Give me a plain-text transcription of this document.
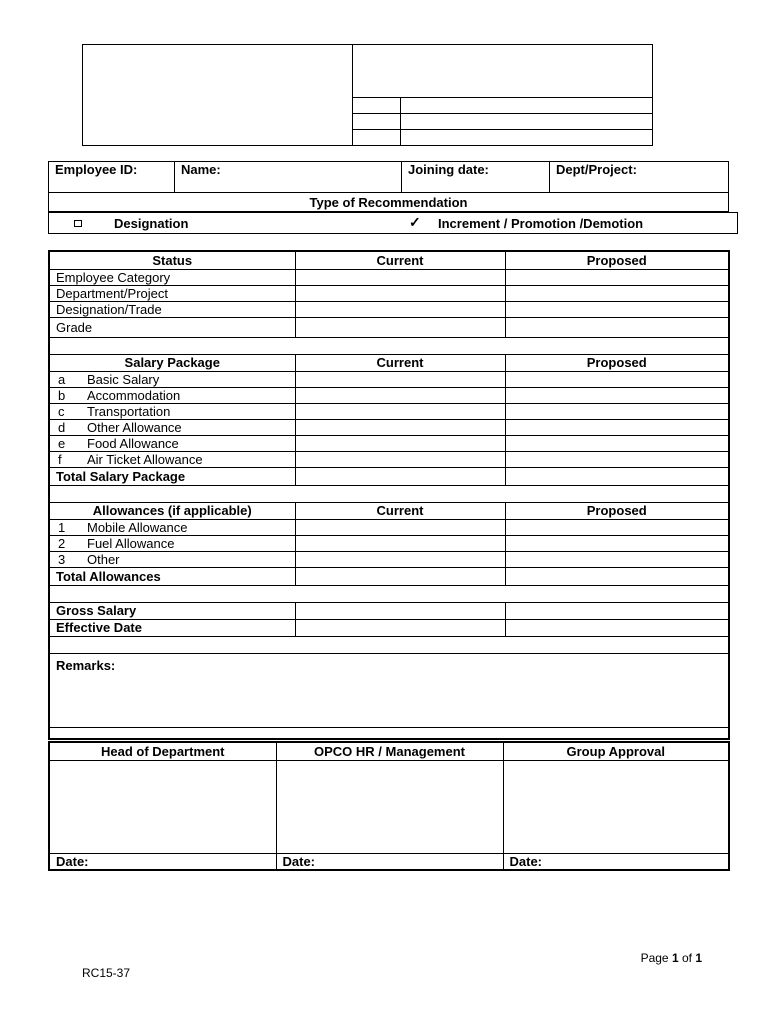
Employee ID:	Name:	Joining date:	Dept/Project:
Type of Recommendation
Designation	✓ Increment / Promotion /Demotion
Status	Current	Proposed
Employee Category		
Department/Project		
Designation/Trade		
Grade		

Salary Package	Current	Proposed
a Basic Salary		
b Accommodation		
c Transportation		
d Other Allowance		
e Food Allowance		
f Air Ticket Allowance		
Total Salary Package		

Allowances (if applicable)	Current	Proposed
1 Mobile Allowance		
2 Fuel Allowance		
3 Other		
Total Allowances		

Gross Salary		
Effective Date		

Remarks:		

Head of Department	OPCO HR / Management	Group Approval

Date:	Date:	Date:
Page 1 of 1
RC15-37
